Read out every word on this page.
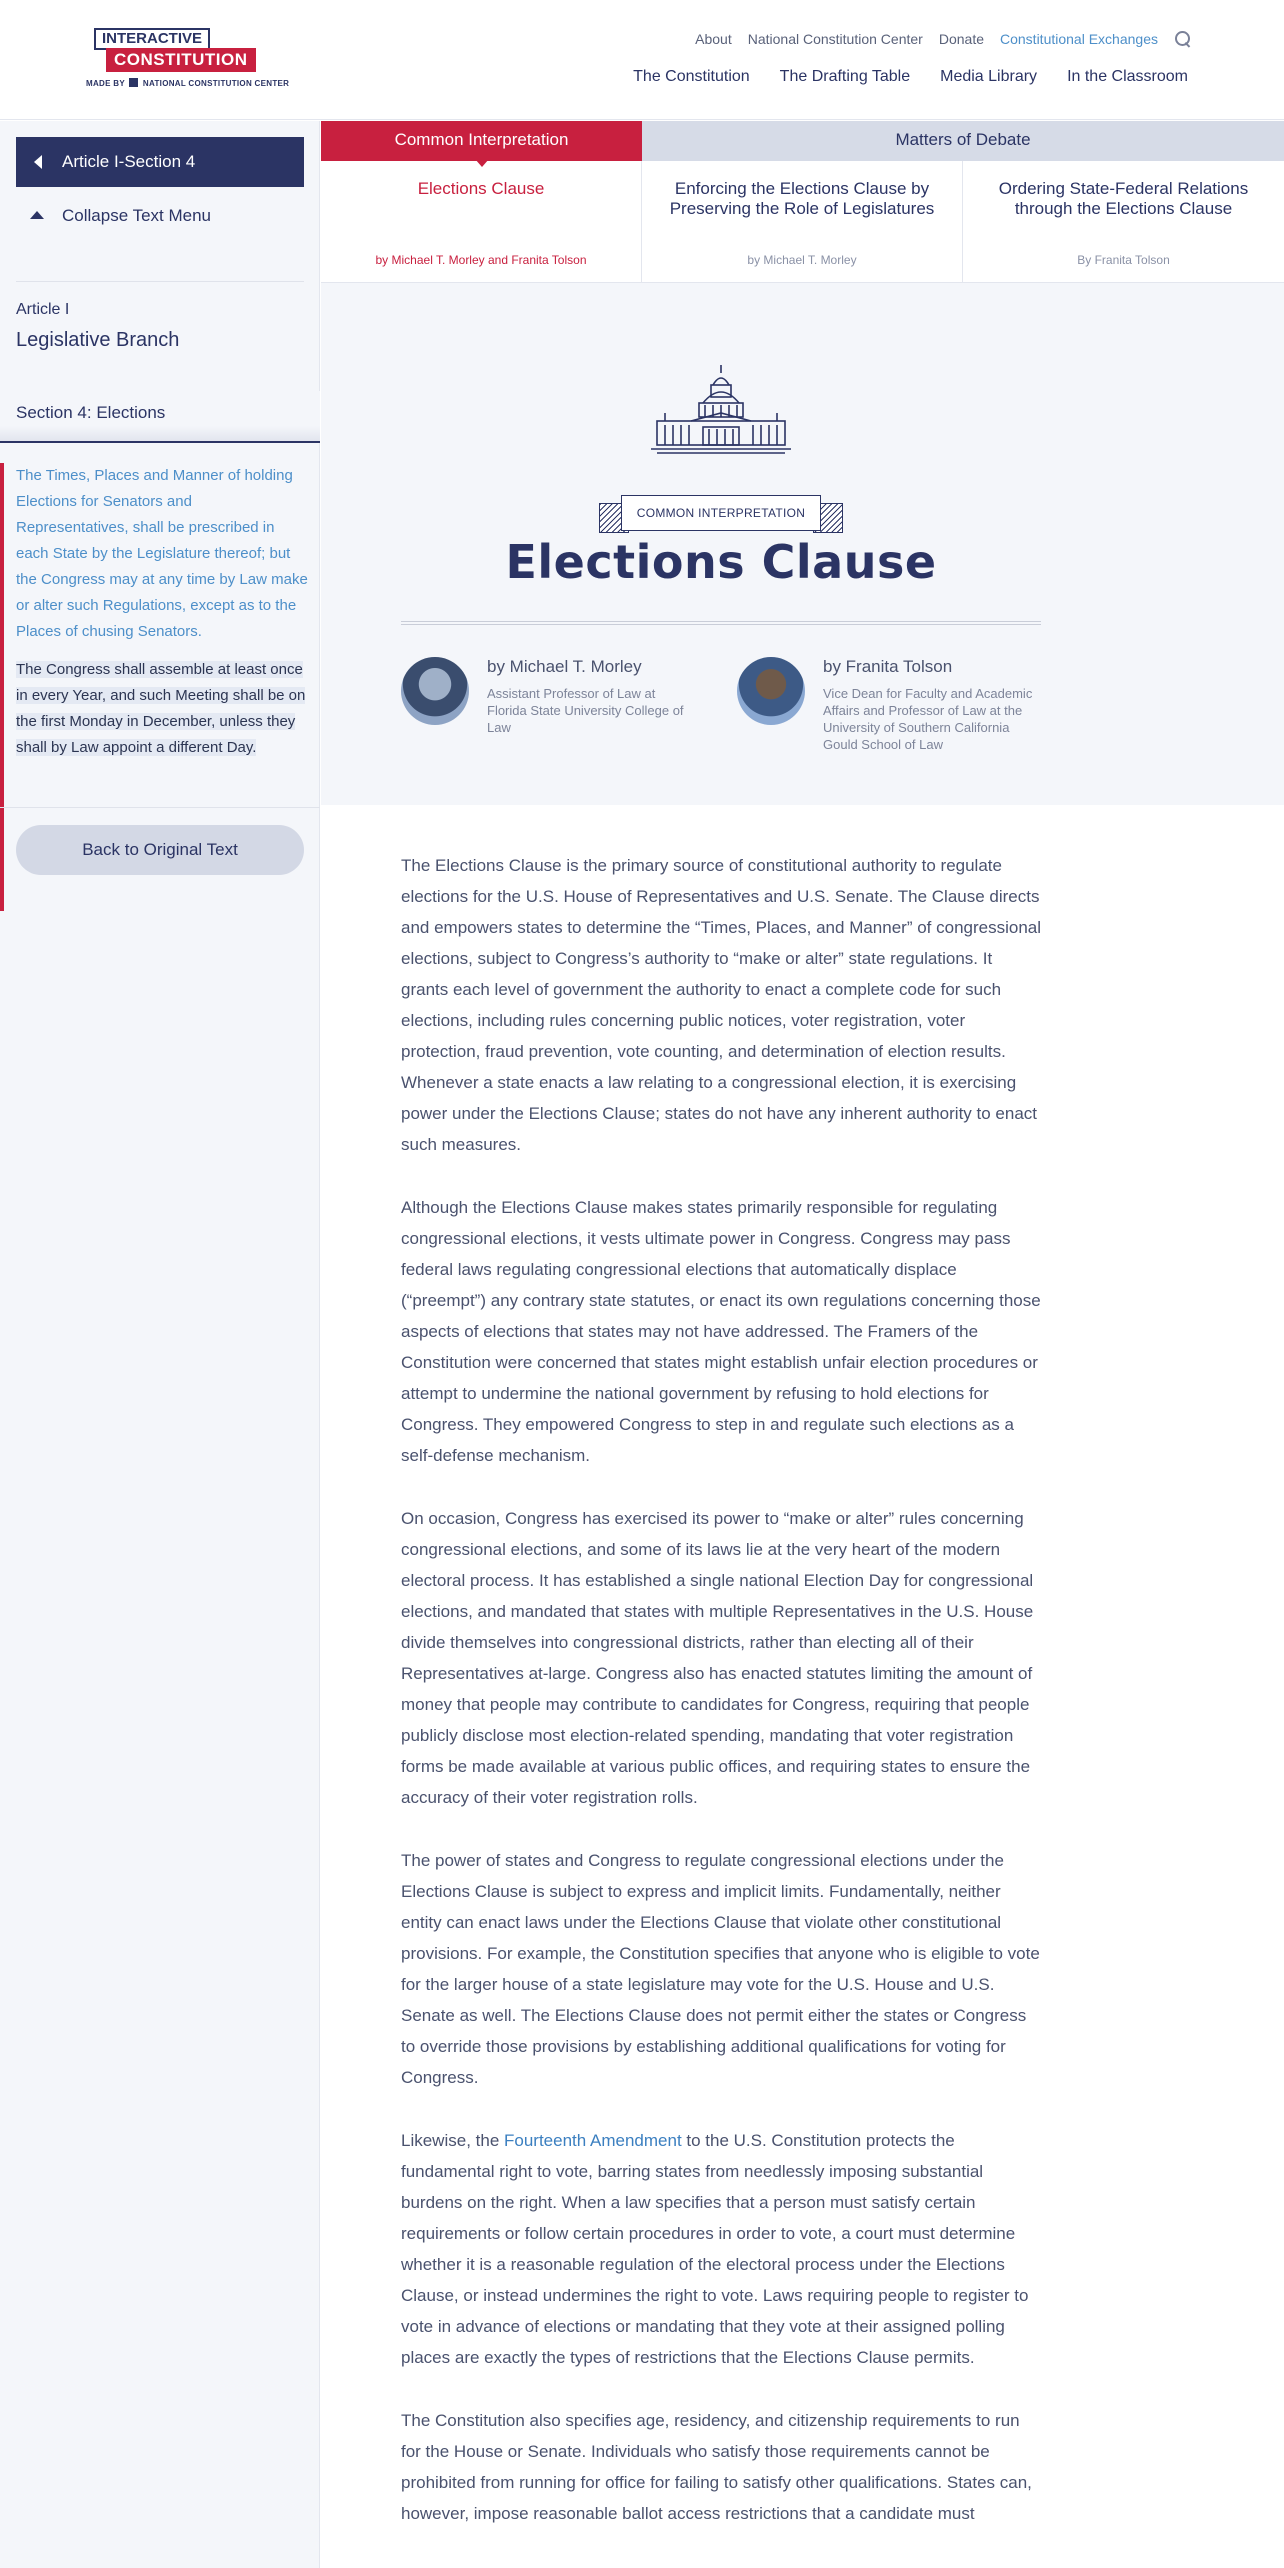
INTERACTIVE
CONSTITUTION
MADE BY NATIONAL CONSTITUTION CENTER
About National Constitution Center Donate Constitutional Exchanges
The Constitution The Drafting Table Media Library In the Classroom
Article I-Section 4
Collapse Text Menu
Article I
Legislative Branch
Section 4: Elections

The Times, Places and Manner of holding Elections for Senators and Representatives, shall be prescribed in each State by the Legislature thereof; but the Congress may at any time by Law make or alter such Regulations, except as to the Places of chusing Senators.

The Congress shall assemble at least once in every Year, and such Meeting shall be on the first Monday in December, unless they shall by Law appoint a different Day.

Back to Original Text
Common Interpretation	Matters of Debate
Elections Clause
by Michael T. Morley and Franita Tolson
Enforcing the Elections Clause by Preserving the Role of Legislatures
by Michael T. Morley
Ordering State-Federal Relations through the Elections Clause
By Franita Tolson
COMMON INTERPRETATION
Elections Clause
by Michael T. Morley
Assistant Professor of Law at Florida State University College of Law
by Franita Tolson
Vice Dean for Faculty and Academic Affairs and Professor of Law at the University of Southern California Gould School of Law

The Elections Clause is the primary source of constitutional authority to regulate elections for the U.S. House of Representatives and U.S. Senate. The Clause directs and empowers states to determine the “Times, Places, and Manner” of congressional elections, subject to Congress’s authority to “make or alter” state regulations. It grants each level of government the authority to enact a complete code for such elections, including rules concerning public notices, voter registration, voter protection, fraud prevention, vote counting, and determination of election results. Whenever a state enacts a law relating to a congressional election, it is exercising power under the Elections Clause; states do not have any inherent authority to enact such measures.

Although the Elections Clause makes states primarily responsible for regulating congressional elections, it vests ultimate power in Congress. Congress may pass federal laws regulating congressional elections that automatically displace (“preempt”) any contrary state statutes, or enact its own regulations concerning those aspects of elections that states may not have addressed. The Framers of the Constitution were concerned that states might establish unfair election procedures or attempt to undermine the national government by refusing to hold elections for Congress. They empowered Congress to step in and regulate such elections as a self-defense mechanism.

On occasion, Congress has exercised its power to “make or alter” rules concerning congressional elections, and some of its laws lie at the very heart of the modern electoral process. It has established a single national Election Day for congressional elections, and mandated that states with multiple Representatives in the U.S. House divide themselves into congressional districts, rather than electing all of their Representatives at-large. Congress also has enacted statutes limiting the amount of money that people may contribute to candidates for Congress, requiring that people publicly disclose most election-related spending, mandating that voter registration forms be made available at various public offices, and requiring states to ensure the accuracy of their voter registration rolls.

The power of states and Congress to regulate congressional elections under the Elections Clause is subject to express and implicit limits. Fundamentally, neither entity can enact laws under the Elections Clause that violate other constitutional provisions. For example, the Constitution specifies that anyone who is eligible to vote for the larger house of a state legislature may vote for the U.S. House and U.S. Senate as well. The Elections Clause does not permit either the states or Congress to override those provisions by establishing additional qualifications for voting for Congress.

Likewise, the Fourteenth Amendment to the U.S. Constitution protects the fundamental right to vote, barring states from needlessly imposing substantial burdens on the right. When a law specifies that a person must satisfy certain requirements or follow certain procedures in order to vote, a court must determine whether it is a reasonable regulation of the electoral process under the Elections Clause, or instead undermines the right to vote. Laws requiring people to register to vote in advance of elections or mandating that they vote at their assigned polling places are exactly the types of restrictions that the Elections Clause permits.

The Constitution also specifies age, residency, and citizenship requirements to run for the House or Senate. Individuals who satisfy those requirements cannot be prohibited from running for office for failing to satisfy other qualifications. States can, however, impose reasonable ballot access restrictions that a candidate must
